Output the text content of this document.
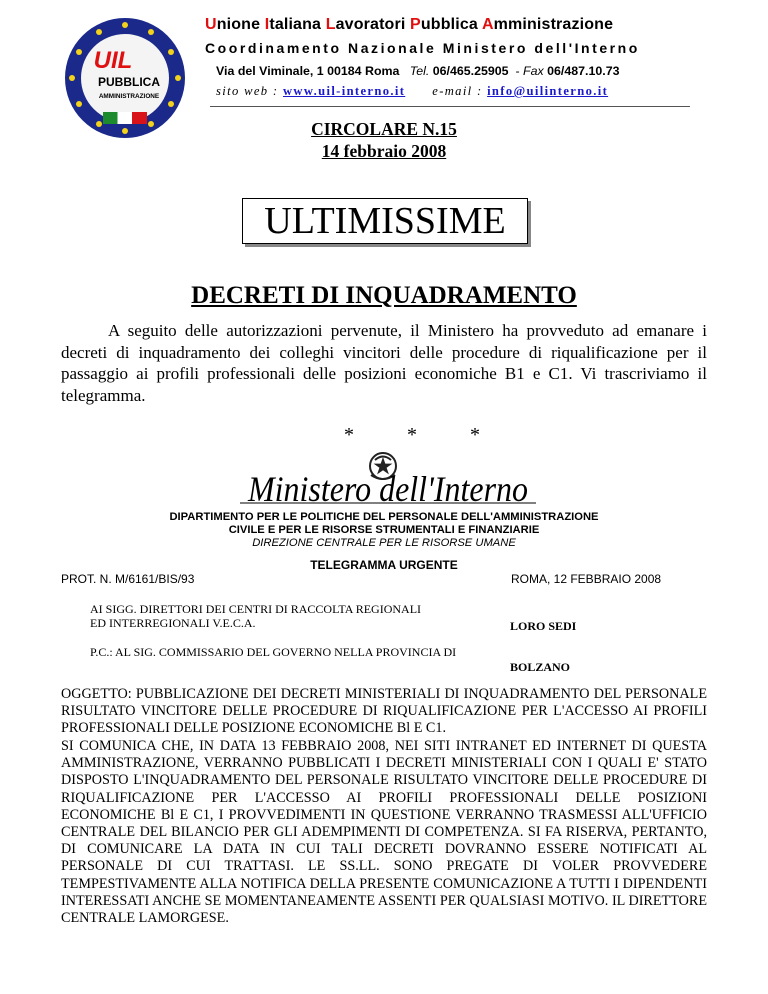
UIL
PUBBLICA
AMMINISTRAZIONE
Unione Italiana Lavoratori Pubblica Amministrazione
Coordinamento Nazionale Ministero dell'Interno
Via del Viminale, 1 00184 Roma Tel. 06/465.25905  - Fax 06/487.10.73
sito web : www.uil-interno.it e-mail : info@uilinterno.it
CIRCOLARE N.15
14 febbraio 2008
ULTIMISSIME
DECRETI DI INQUADRAMENTO
A seguito delle autorizzazioni pervenute, il Ministero ha provveduto ad emanare i decreti di inquadramento dei colleghi vincitori delle procedure di riqualificazione per il passaggio ai profili professionali delle posizioni economiche B1 e C1. Vi trascriviamo il telegramma.
* * *
Ministero dell'Interno
DIPARTIMENTO PER LE POLITICHE DEL PERSONALE DELL'AMMINISTRAZIONE
CIVILE E PER LE RISORSE STRUMENTALI E FINANZIARIE
DIREZIONE CENTRALE PER LE RISORSE UMANE
TELEGRAMMA URGENTE
PROT. N. M/6161/BIS/93	ROMA, 12 FEBBRAIO 2008
AI SIGG. DIRETTORI DEI CENTRI DI RACCOLTA REGIONALI
ED INTERREGIONALI V.E.C.A.	LORO SEDI
P.C.: AL SIG. COMMISSARIO DEL GOVERNO NELLA PROVINCIA DI
BOLZANO
OGGETTO: PUBBLICAZIONE DEI DECRETI MINISTERIALI DI INQUADRAMENTO DEL PERSONALE RISULTATO VINCITORE DELLE PROCEDURE DI RIQUALIFICAZIONE PER L'ACCESSO AI PROFILI PROFESSIONALI DELLE POSIZIONE ECONOMICHE Bl E C1.
SI COMUNICA CHE, IN DATA 13 FEBBRAIO 2008, NEI SITI INTRANET ED INTERNET DI QUESTA AMMINISTRAZIONE, VERRANNO PUBBLICATI I DECRETI MINISTERIALI CON I QUALI E' STATO DISPOSTO L'INQUADRAMENTO DEL PERSONALE RISULTATO VINCITORE DELLE PROCEDURE DI RIQUALIFICAZIONE PER L'ACCESSO AI PROFILI PROFESSIONALI DELLE POSIZIONI ECONOMICHE Bl E C1, I PROVVEDIMENTI IN QUESTIONE VERRANNO TRASMESSI ALL'UFFICIO CENTRALE DEL BILANCIO PER GLI ADEMPIMENTI DI COMPETENZA. SI FA RISERVA, PERTANTO, DI COMUNICARE LA DATA IN CUI TALI DECRETI DOVRANNO ESSERE NOTIFICATI AL PERSONALE DI CUI TRATTASI. LE SS.LL. SONO PREGATE DI VOLER PROVVEDERE TEMPESTIVAMENTE ALLA NOTIFICA DELLA PRESENTE COMUNICAZIONE A TUTTI I DIPENDENTI INTERESSATI ANCHE SE MOMENTANEAMENTE ASSENTI PER QUALSIASI MOTIVO. IL DIRETTORE CENTRALE LAMORGESE.
